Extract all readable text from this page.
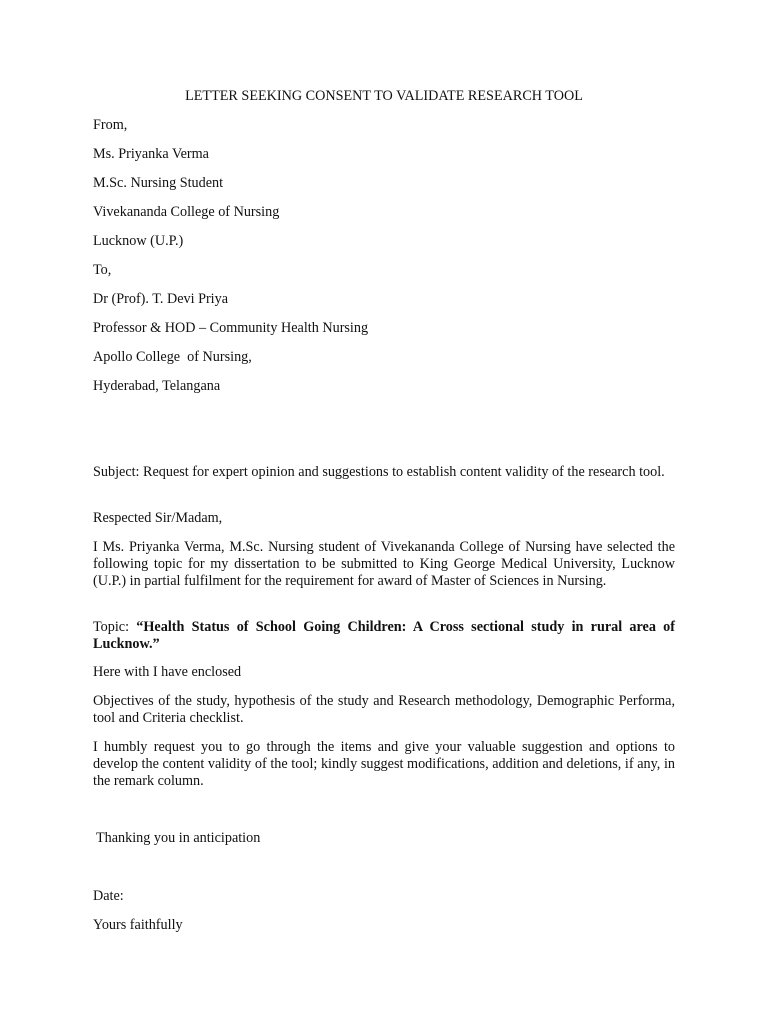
LETTER SEEKING CONSENT TO VALIDATE RESEARCH TOOL

From,

Ms. Priyanka Verma

M.Sc. Nursing Student

Vivekananda College of Nursing

Lucknow (U.P.)

To,

Dr (Prof). T. Devi Priya

Professor & HOD – Community Health Nursing

Apollo College  of Nursing,

Hyderabad, Telangana

Subject: Request for expert opinion and suggestions to establish content validity of the research tool.

Respected Sir/Madam,

I Ms. Priyanka Verma, M.Sc. Nursing student of Vivekananda College of Nursing have selected the following topic for my dissertation to be submitted to King George Medical University, Lucknow (U.P.) in partial fulfilment for the requirement for award of Master of Sciences in Nursing.

Topic: “Health Status of School Going Children: A Cross sectional study in rural area of Lucknow.”

Here with I have enclosed

Objectives of the study, hypothesis of the study and Research methodology, Demographic Performa, tool and Criteria checklist.

I humbly request you to go through the items and give your valuable suggestion and options to develop the content validity of the tool; kindly suggest modifications, addition and deletions, if any, in the remark column.

Thanking you in anticipation

Date:

Yours faithfully
